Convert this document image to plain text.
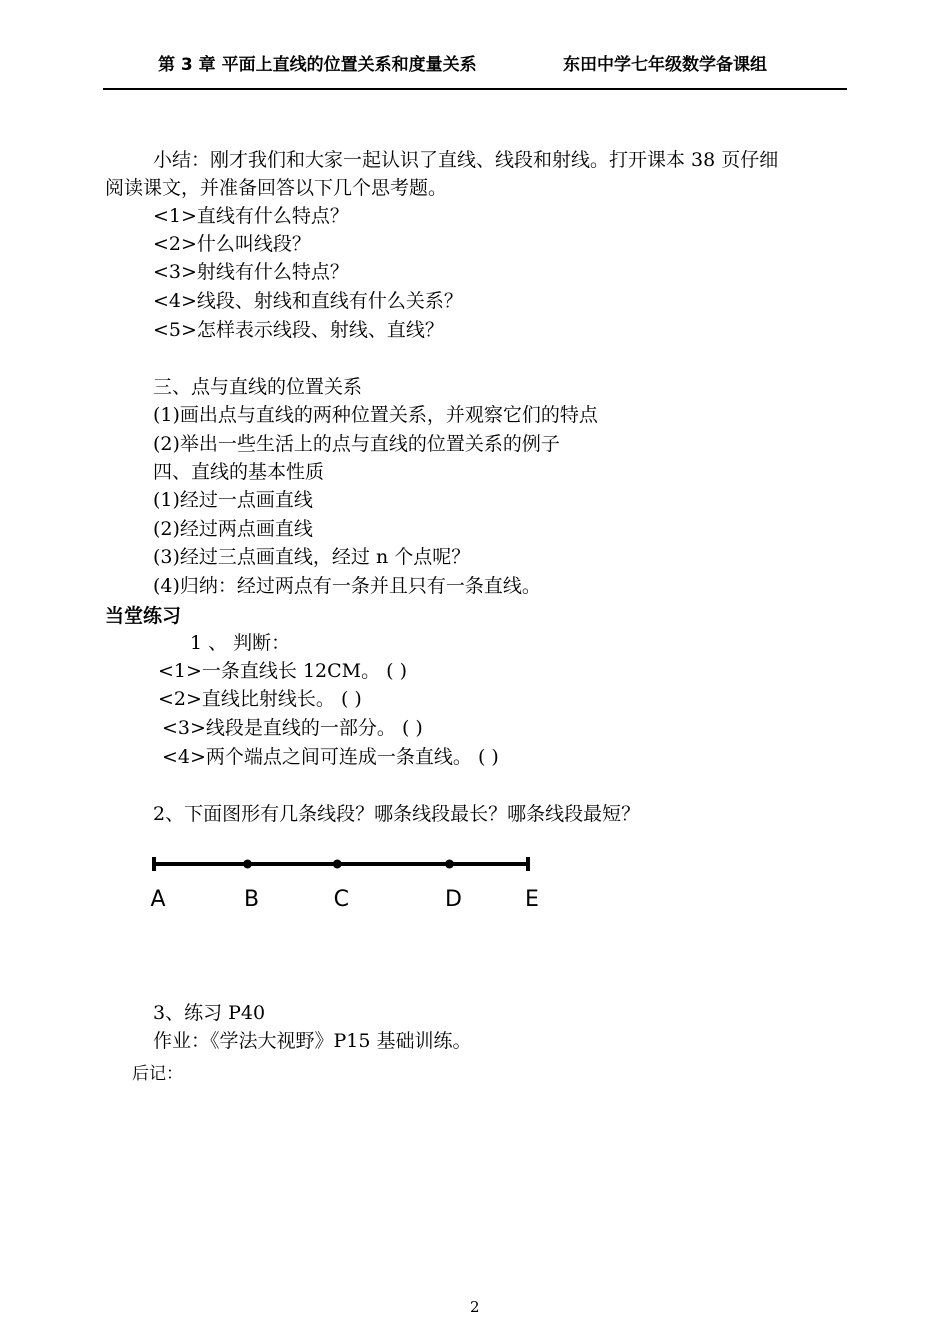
第 3 章 平面上直线的位置关系和度量关系	东田中学七年级数学备课组
小结：刚才我们和大家一起认识了直线、线段和射线。打开课本 38 页仔细
阅读课文，并准备回答以下几个思考题。
<1>直线有什么特点？
<2>什么叫线段？
<3>射线有什么特点？
<4>线段、射线和直线有什么关系？
<5>怎样表示线段、射线、直线？
三、点与直线的位置关系
(1)画出点与直线的两种位置关系，并观察它们的特点
(2)举出一些生活上的点与直线的位置关系的例子
四、直线的基本性质
(1)经过一点画直线
(2)经过两点画直线
(3)经过三点画直线，经过 n 个点呢？
(4)归纳：经过两点有一条并且只有一条直线。
当堂练习
1 、 判断：
<1>一条直线长 12CM。 ( )
<2>直线比射线长。 ( )
<3>线段是直线的一部分。 ( )
<4>两个端点之间可连成一条直线。 ( )
2、下面图形有几条线段？哪条线段最长？哪条线段最短？
A	B	C	D	E
3、练习 P40
作业：《学法大视野》P15 基础训练。
后记：
2
